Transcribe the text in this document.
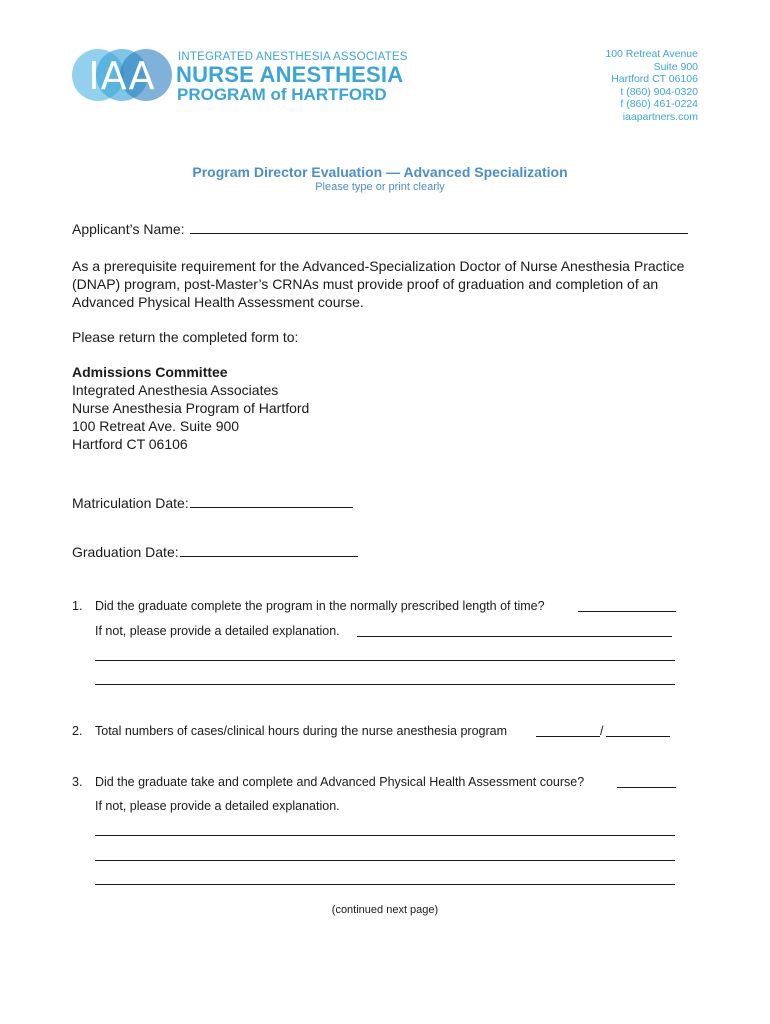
IAA INTEGRATED ANESTHESIA ASSOCIATES
NURSE ANESTHESIA
PROGRAM of HARTFORD
100 Retreat Avenue
Suite 900
Hartford CT 06106
t (860) 904-0320
f (860) 461-0224
iaapartners.com
Program Director Evaluation — Advanced Specialization
Please type or print clearly
Applicant’s Name:
As a prerequisite requirement for the Advanced-Specialization Doctor of Nurse Anesthesia Practice
(DNAP) program, post-Master’s CRNAs must provide proof of graduation and completion of an
Advanced Physical Health Assessment course.
Please return the completed form to:
Admissions Committee
Integrated Anesthesia Associates
Nurse Anesthesia Program of Hartford
100 Retreat Ave. Suite 900
Hartford CT 06106
Matriculation Date:
Graduation Date:
1. Did the graduate complete the program in the normally prescribed length of time?
If not, please provide a detailed explanation.
2. Total numbers of cases/clinical hours during the nurse anesthesia program	/
3. Did the graduate take and complete and Advanced Physical Health Assessment course?
If not, please provide a detailed explanation.
(continued next page)
